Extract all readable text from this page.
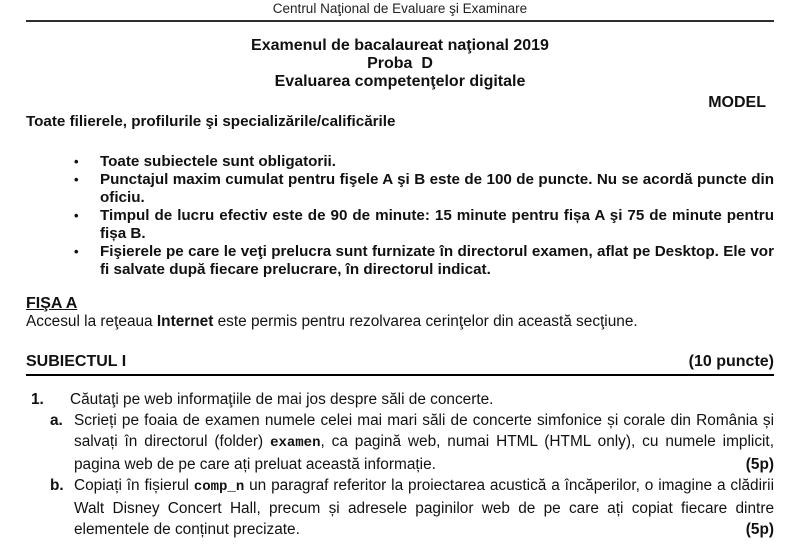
Centrul Naţional de Evaluare şi Examinare
Examenul de bacalaureat naţional 2019
Proba  D
Evaluarea competenţelor digitale
MODEL
Toate filierele, profilurile şi specializările/calificările
•	Toate subiectele sunt obligatorii.
•	Punctajul maxim cumulat pentru fişele A şi B este de 100 de puncte. Nu se acordă puncte din oficiu.
•	Timpul de lucru efectiv este de 90 de minute: 15 minute pentru fișa A şi 75 de minute pentru fișa B.
•	Fişierele pe care le veţi prelucra sunt furnizate în directorul examen, aflat pe Desktop. Ele vor fi salvate după fiecare prelucrare, în directorul indicat.
FIŞA A
Accesul la reţeaua Internet este permis pentru rezolvarea cerinţelor din această secţiune.
SUBIECTUL I	(10 puncte)
1.	Căutaţi pe web informaţiile de mai jos despre săli de concerte.
a. Scrieți pe foaia de examen numele celei mai mari săli de concerte simfonice și corale din România și salvați în directorul (folder) examen, ca pagină web, numai HTML (HTML only), cu numele implicit, pagina web de pe care ați preluat această informație.	(5p)
b. Copiați în fișierul comp_n un paragraf referitor la proiectarea acustică a încăperilor, o imagine a clădirii Walt Disney Concert Hall, precum și adresele paginilor web de pe care ați copiat fiecare dintre elementele de conținut precizate.	(5p)
